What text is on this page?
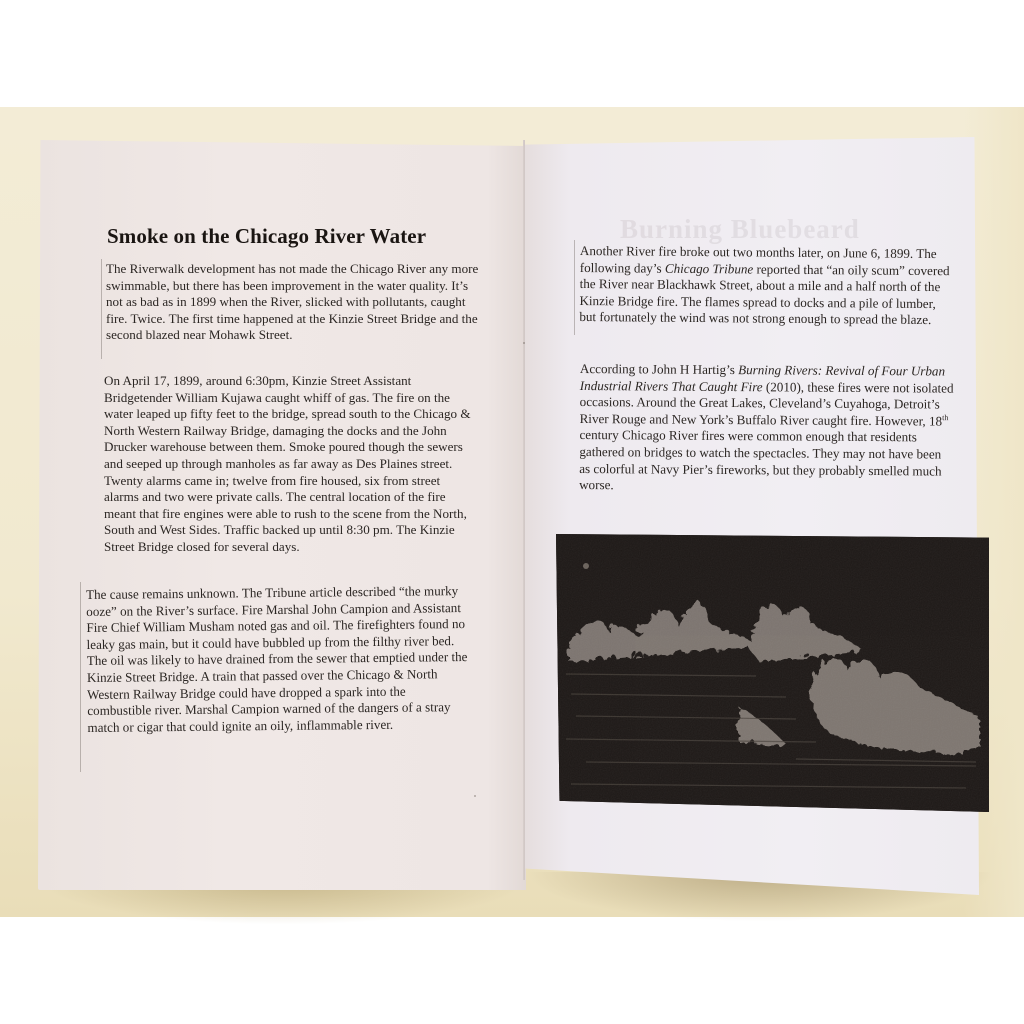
Smoke on the Chicago River Water

The Riverwalk development has not made the Chicago River any more swimmable, but there has been improvement in the water quality. It’s not as bad as in 1899 when the River, slicked with pollutants, caught fire. Twice. The first time happened at the Kinzie Street Bridge and the second blazed near Mohawk Street.

On April 17, 1899, around 6:30pm, Kinzie Street Assistant Bridgetender William Kujawa caught whiff of gas. The fire on the water leaped up fifty feet to the bridge, spread south to the Chicago & North Western Railway Bridge, damaging the docks and the John Drucker warehouse between them. Smoke poured though the sewers and seeped up through manholes as far away as Des Plaines street. Twenty alarms came in; twelve from fire housed, six from street alarms and two were private calls. The central location of the fire meant that fire engines were able to rush to the scene from the North, South and West Sides. Traffic backed up until 8:30 pm. The Kinzie Street Bridge closed for several days.

The cause remains unknown. The Tribune article described “the murky ooze” on the River’s surface. Fire Marshal John Campion and Assistant Fire Chief William Musham noted gas and oil. The firefighters found no leaky gas main, but it could have bubbled up from the filthy river bed. The oil was likely to have drained from the sewer that emptied under the Kinzie Street Bridge. A train that passed over the Chicago & North Western Railway Bridge could have dropped a spark into the combustible river. Marshal Campion warned of the dangers of a stray match or cigar that could ignite an oily, inflammable river.

Burning Bluebeard

Another River fire broke out two months later, on June 6, 1899. The following day’s Chicago Tribune reported that “an oily scum” covered the River near Blackhawk Street, about a mile and a half north of the Kinzie Bridge fire. The flames spread to docks and a pile of lumber, but fortunately the wind was not strong enough to spread the blaze.

According to John H Hartig’s Burning Rivers: Revival of Four Urban Industrial Rivers That Caught Fire (2010), these fires were not isolated occasions. Around the Great Lakes, Cleveland’s Cuyahoga, Detroit’s River Rouge and New York’s Buffalo River caught fire. However, 18th century Chicago River fires were common enough that residents gathered on bridges to watch the spectacles. They may not have been as colorful at Navy Pier’s fireworks, but they probably smelled much worse.
